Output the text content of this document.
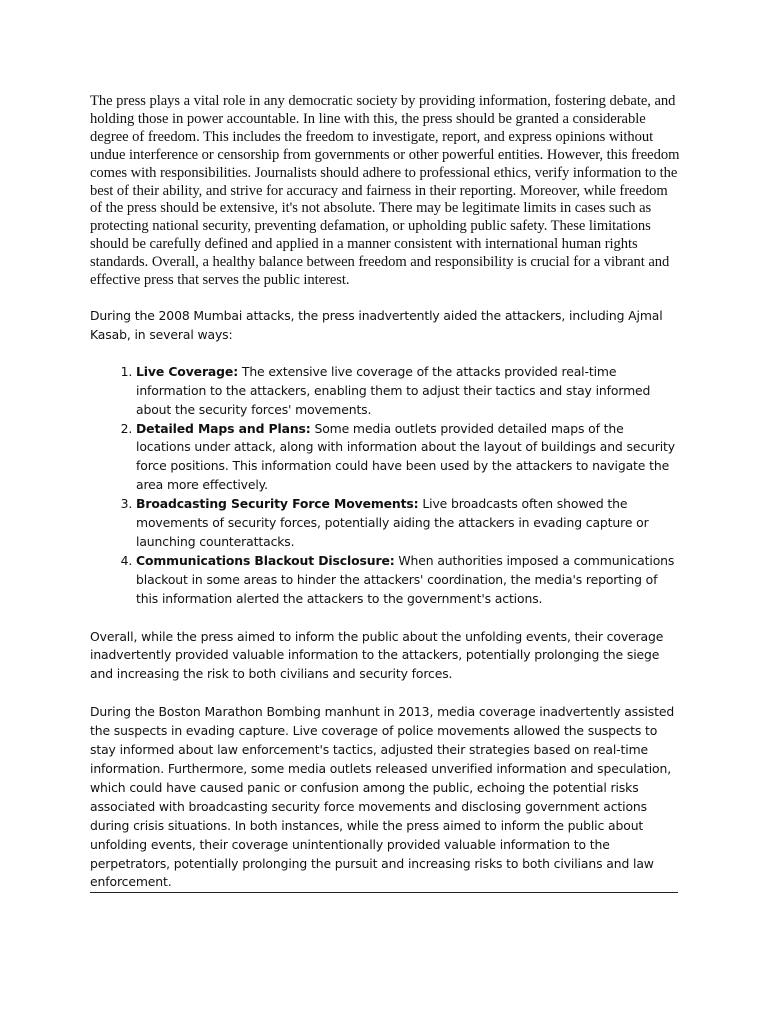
The press plays a vital role in any democratic society by providing information, fostering debate, and holding those in power accountable. In line with this, the press should be granted a considerable degree of freedom. This includes the freedom to investigate, report, and express opinions without undue interference or censorship from governments or other powerful entities. However, this freedom comes with responsibilities. Journalists should adhere to professional ethics, verify information to the best of their ability, and strive for accuracy and fairness in their reporting. Moreover, while freedom of the press should be extensive, it's not absolute. There may be legitimate limits in cases such as protecting national security, preventing defamation, or upholding public safety. These limitations should be carefully defined and applied in a manner consistent with international human rights standards. Overall, a healthy balance between freedom and responsibility is crucial for a vibrant and effective press that serves the public interest.

During the 2008 Mumbai attacks, the press inadvertently aided the attackers, including Ajmal Kasab, in several ways:

1. Live Coverage: The extensive live coverage of the attacks provided real-time information to the attackers, enabling them to adjust their tactics and stay informed about the security forces' movements.
2. Detailed Maps and Plans: Some media outlets provided detailed maps of the locations under attack, along with information about the layout of buildings and security force positions. This information could have been used by the attackers to navigate the area more effectively.
3. Broadcasting Security Force Movements: Live broadcasts often showed the movements of security forces, potentially aiding the attackers in evading capture or launching counterattacks.
4. Communications Blackout Disclosure: When authorities imposed a communications blackout in some areas to hinder the attackers' coordination, the media's reporting of this information alerted the attackers to the government's actions.

Overall, while the press aimed to inform the public about the unfolding events, their coverage inadvertently provided valuable information to the attackers, potentially prolonging the siege and increasing the risk to both civilians and security forces.

During the Boston Marathon Bombing manhunt in 2013, media coverage inadvertently assisted the suspects in evading capture. Live coverage of police movements allowed the suspects to stay informed about law enforcement's tactics, adjusted their strategies based on real-time information. Furthermore, some media outlets released unverified information and speculation, which could have caused panic or confusion among the public, echoing the potential risks associated with broadcasting security force movements and disclosing government actions during crisis situations. In both instances, while the press aimed to inform the public about unfolding events, their coverage unintentionally provided valuable information to the perpetrators, potentially prolonging the pursuit and increasing risks to both civilians and law enforcement.
